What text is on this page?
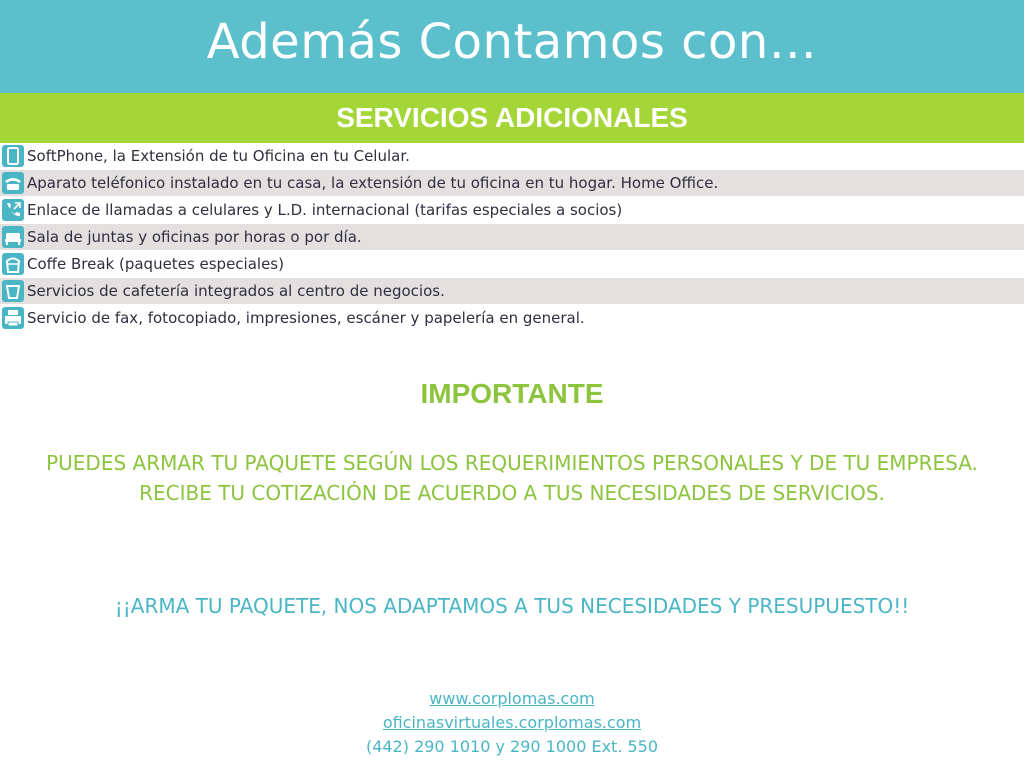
Además Contamos con…
SERVICIOS ADICIONALES
SoftPhone, la Extensión de tu Oficina en tu Celular.
Aparato teléfonico instalado en tu casa, la extensión de tu oficina en tu hogar. Home Office.
Enlace de llamadas a celulares y L.D. internacional (tarifas especiales a socios)
Sala de juntas y oficinas por horas o por día.
Coffe Break (paquetes especiales)
Servicios de cafetería integrados al centro de negocios.
Servicio de fax, fotocopiado, impresiones, escáner y papelería en general.
IMPORTANTE
PUEDES ARMAR TU PAQUETE SEGÚN LOS REQUERIMIENTOS PERSONALES Y DE TU EMPRESA.
RECIBE TU COTIZACIÓN DE ACUERDO A TUS NECESIDADES DE SERVICIOS.
¡¡ARMA TU PAQUETE, NOS ADAPTAMOS A TUS NECESIDADES Y PRESUPUESTO!!
www.corplomas.com
oficinasvirtuales.corplomas.com
(442) 290 1010 y 290 1000 Ext. 550
